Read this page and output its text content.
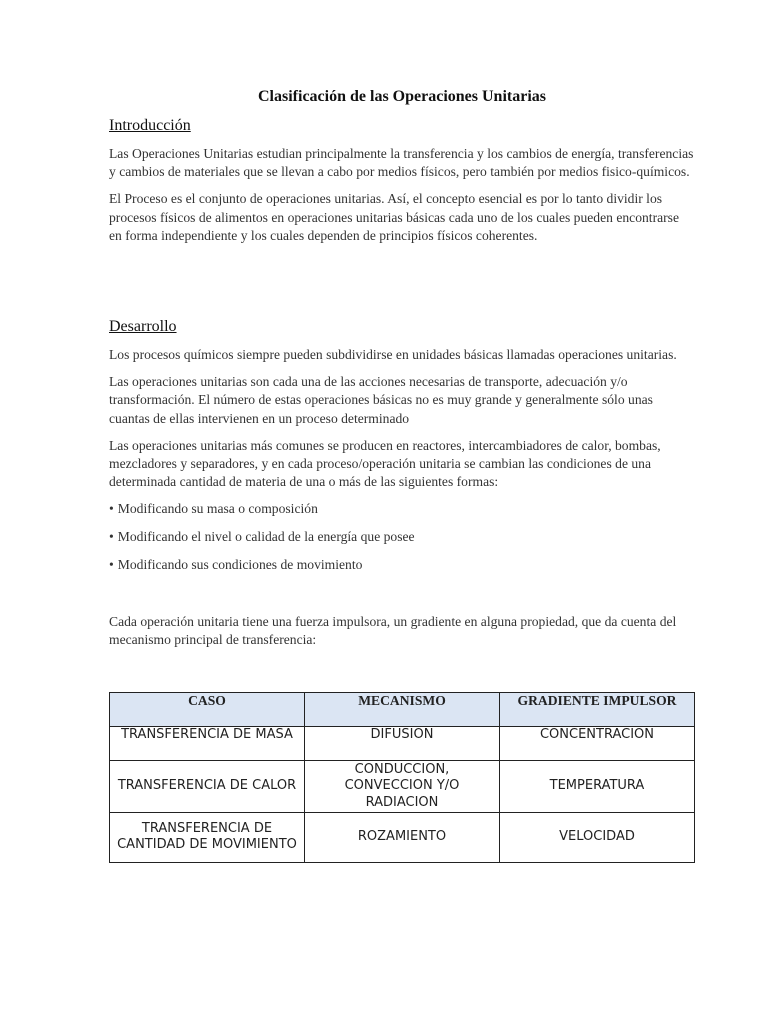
Clasificación de las Operaciones Unitarias
Introducción

Las Operaciones Unitarias estudian principalmente la transferencia y los cambios de energía, transferencias y cambios de materiales que se llevan a cabo por medios físicos, pero también por medios fisico-químicos.

El Proceso es el conjunto de operaciones unitarias. Así, el concepto esencial es por lo tanto dividir los procesos físicos de alimentos en operaciones unitarias básicas cada uno de los cuales pueden encontrarse en forma independiente y los cuales dependen de principios físicos coherentes.

Desarrollo

Los procesos químicos siempre pueden subdividirse en unidades básicas llamadas operaciones unitarias.

Las operaciones unitarias son cada una de las acciones necesarias de transporte, adecuación y/o transformación. El número de estas operaciones básicas no es muy grande y generalmente sólo unas cuantas de ellas intervienen en un proceso determinado

Las operaciones unitarias más comunes se producen en reactores, intercambiadores de calor, bombas, mezcladores y separadores, y en cada proceso/operación unitaria se cambian las condiciones de una determinada cantidad de materia de una o más de las siguientes formas:

• Modificando su masa o composición
• Modificando el nivel o calidad de la energía que posee
• Modificando sus condiciones de movimiento

Cada operación unitaria tiene una fuerza impulsora, un gradiente en alguna propiedad, que da cuenta del mecanismo principal de transferencia:

CASO	MECANISMO	GRADIENTE IMPULSOR
TRANSFERENCIA DE MASA	DIFUSION	CONCENTRACION
TRANSFERENCIA DE CALOR	CONDUCCION, CONVECCION Y/O RADIACION	TEMPERATURA
TRANSFERENCIA DE CANTIDAD DE MOVIMIENTO	ROZAMIENTO	VELOCIDAD
